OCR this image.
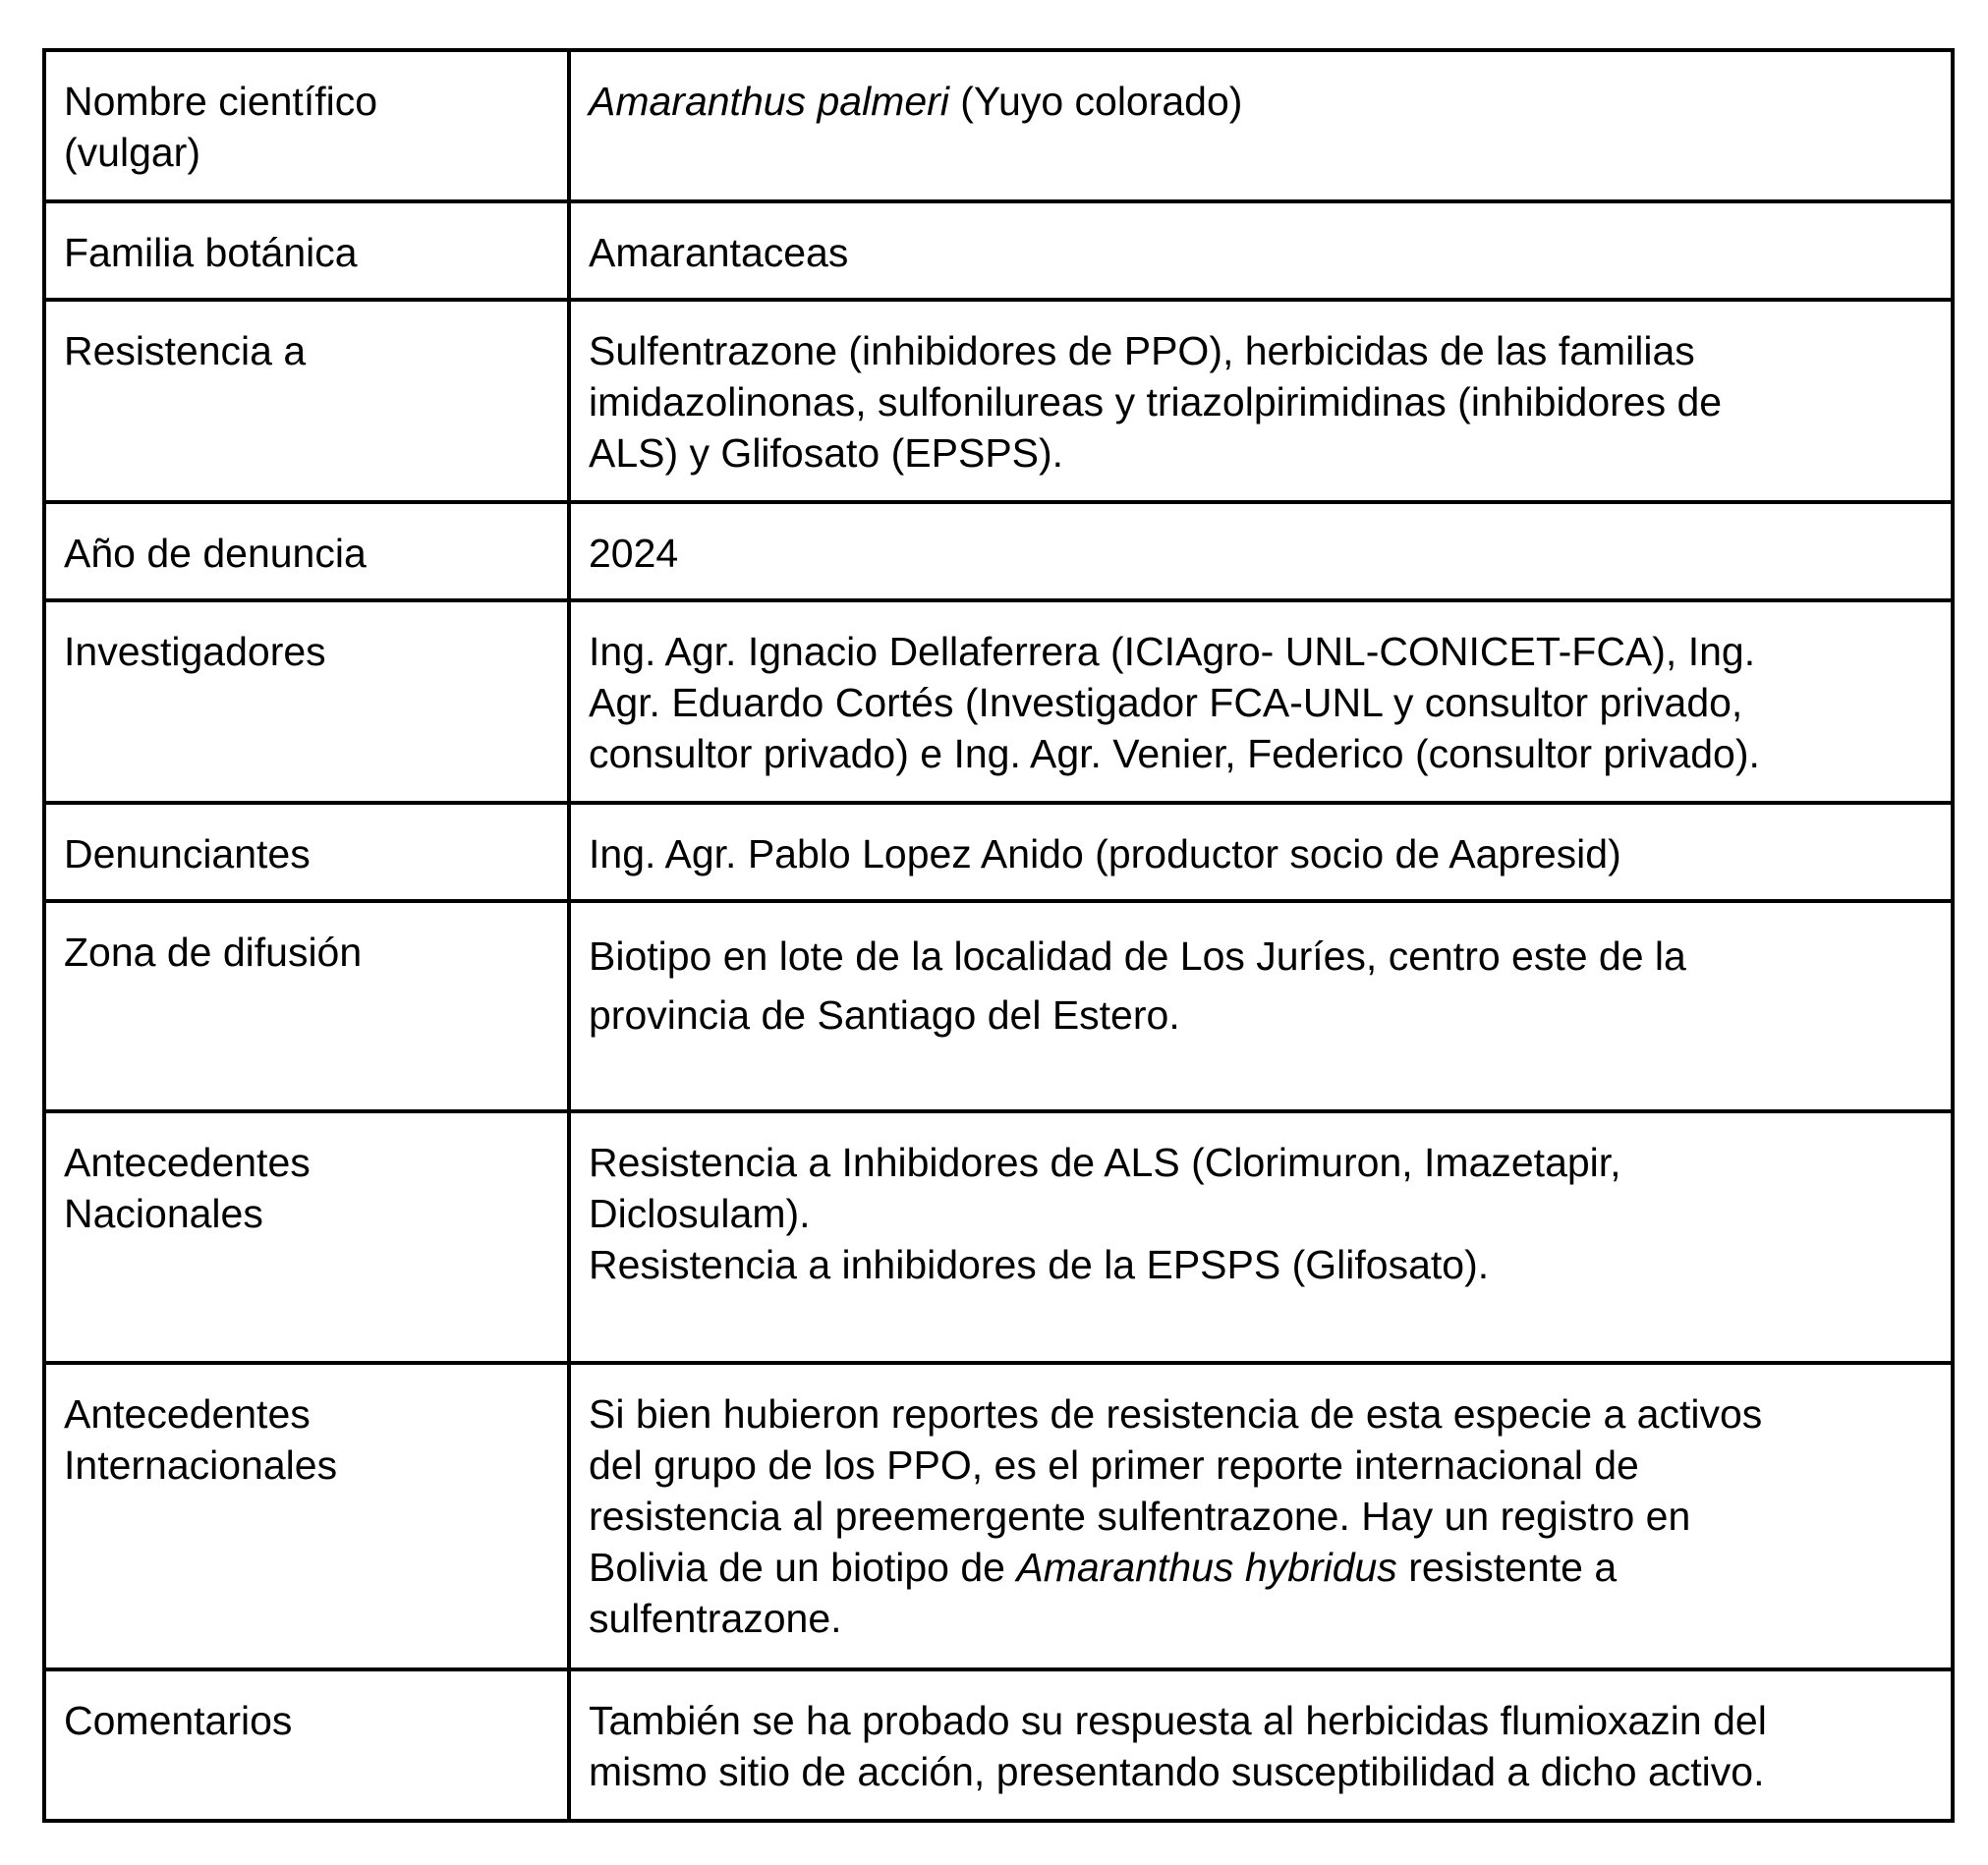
Nombre científico
(vulgar)	Amaranthus palmeri (Yuyo colorado)

Familia botánica	Amarantaceas

Resistencia a	Sulfentrazone (inhibidores de PPO), herbicidas de las familias
imidazolinonas, sulfonilureas y triazolpirimidinas (inhibidores de
ALS) y Glifosato (EPSPS).

Año de denuncia	2024

Investigadores	Ing. Agr. Ignacio Dellaferrera (ICIAgro- UNL-CONICET-FCA), Ing.
Agr. Eduardo Cortés (Investigador FCA-UNL y consultor privado,
consultor privado) e Ing. Agr. Venier, Federico (consultor privado).

Denunciantes	Ing. Agr. Pablo Lopez Anido (productor socio de Aapresid)

Zona de difusión	Biotipo en lote de la localidad de Los Juríes, centro este de la
provincia de Santiago del Estero.

Antecedentes
Nacionales	Resistencia a Inhibidores de ALS (Clorimuron, Imazetapir,
Diclosulam).
Resistencia a inhibidores de la EPSPS (Glifosato).

Antecedentes
Internacionales	Si bien hubieron reportes de resistencia de esta especie a activos
del grupo de los PPO, es el primer reporte internacional de
resistencia al preemergente sulfentrazone. Hay un registro en
Bolivia de un biotipo de Amaranthus hybridus resistente a
sulfentrazone.

Comentarios	También se ha probado su respuesta al herbicidas flumioxazin del
mismo sitio de acción, presentando susceptibilidad a dicho activo.
